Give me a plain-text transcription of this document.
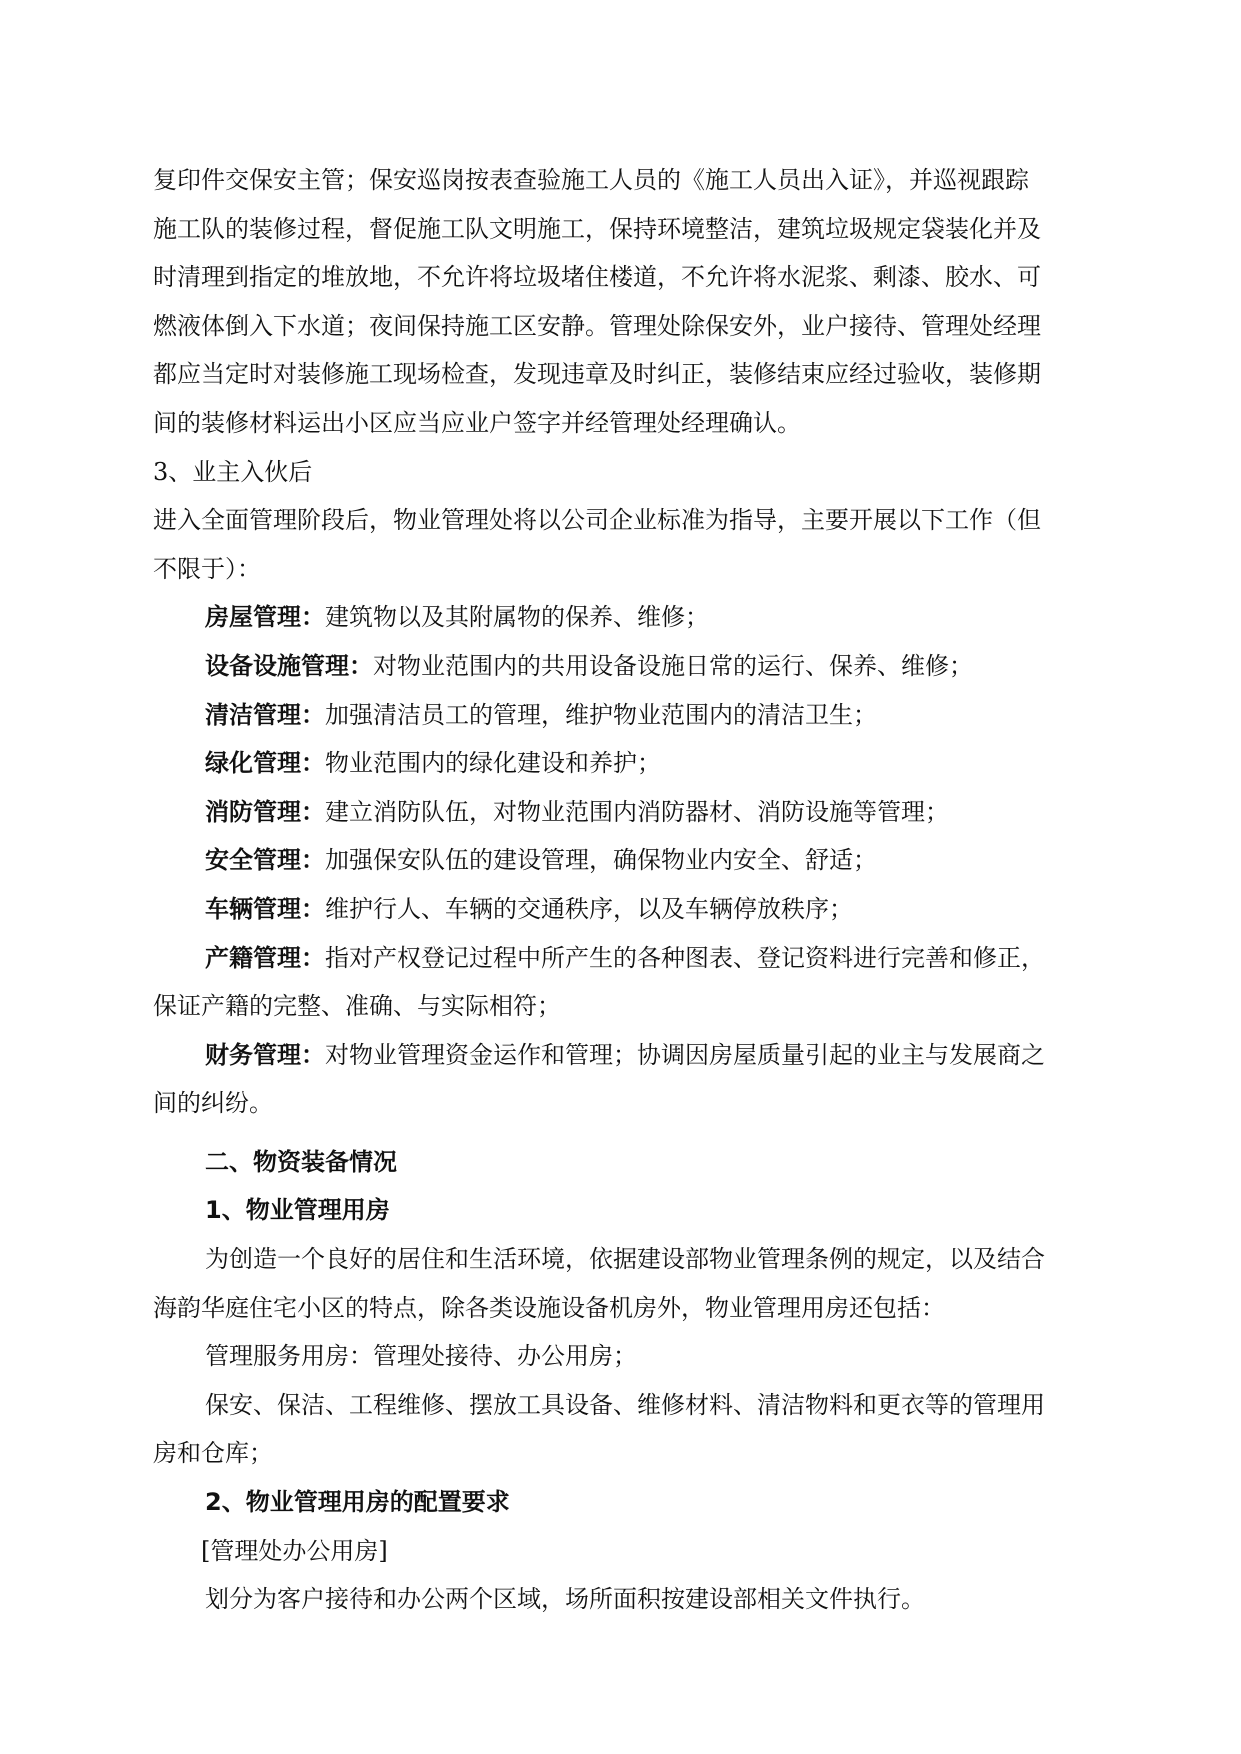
复印件交保安主管；保安巡岗按表查验施工人员的《施工人员出入证》，并巡视跟踪

施工队的装修过程，督促施工队文明施工，保持环境整洁，建筑垃圾规定袋装化并及

时清理到指定的堆放地，不允许将垃圾堵住楼道，不允许将水泥浆、剩漆、胶水、可

燃液体倒入下水道；夜间保持施工区安静。管理处除保安外，业户接待、管理处经理

都应当定时对装修施工现场检查，发现违章及时纠正，装修结束应经过验收，装修期

间的装修材料运出小区应当应业户签字并经管理处经理确认。

3、业主入伙后

进入全面管理阶段后，物业管理处将以公司企业标准为指导，主要开展以下工作（但

不限于）：

房屋管理：建筑物以及其附属物的保养、维修；

设备设施管理：对物业范围内的共用设备设施日常的运行、保养、维修；

清洁管理：加强清洁员工的管理，维护物业范围内的清洁卫生；

绿化管理：物业范围内的绿化建设和养护；

消防管理：建立消防队伍，对物业范围内消防器材、消防设施等管理；

安全管理：加强保安队伍的建设管理，确保物业内安全、舒适；

车辆管理：维护行人、车辆的交通秩序，以及车辆停放秩序；

产籍管理：指对产权登记过程中所产生的各种图表、登记资料进行完善和修正，

保证产籍的完整、准确、与实际相符；

财务管理：对物业管理资金运作和管理；协调因房屋质量引起的业主与发展商之

间的纠纷。

二、物资装备情况

1、物业管理用房

为创造一个良好的居住和生活环境，依据建设部物业管理条例的规定，以及结合

海韵华庭住宅小区的特点，除各类设施设备机房外，物业管理用房还包括：

管理服务用房：管理处接待、办公用房；

保安、保洁、工程维修、摆放工具设备、维修材料、清洁物料和更衣等的管理用

房和仓库；

2、物业管理用房的配置要求

[管理处办公用房]

划分为客户接待和办公两个区域，场所面积按建设部相关文件执行。
